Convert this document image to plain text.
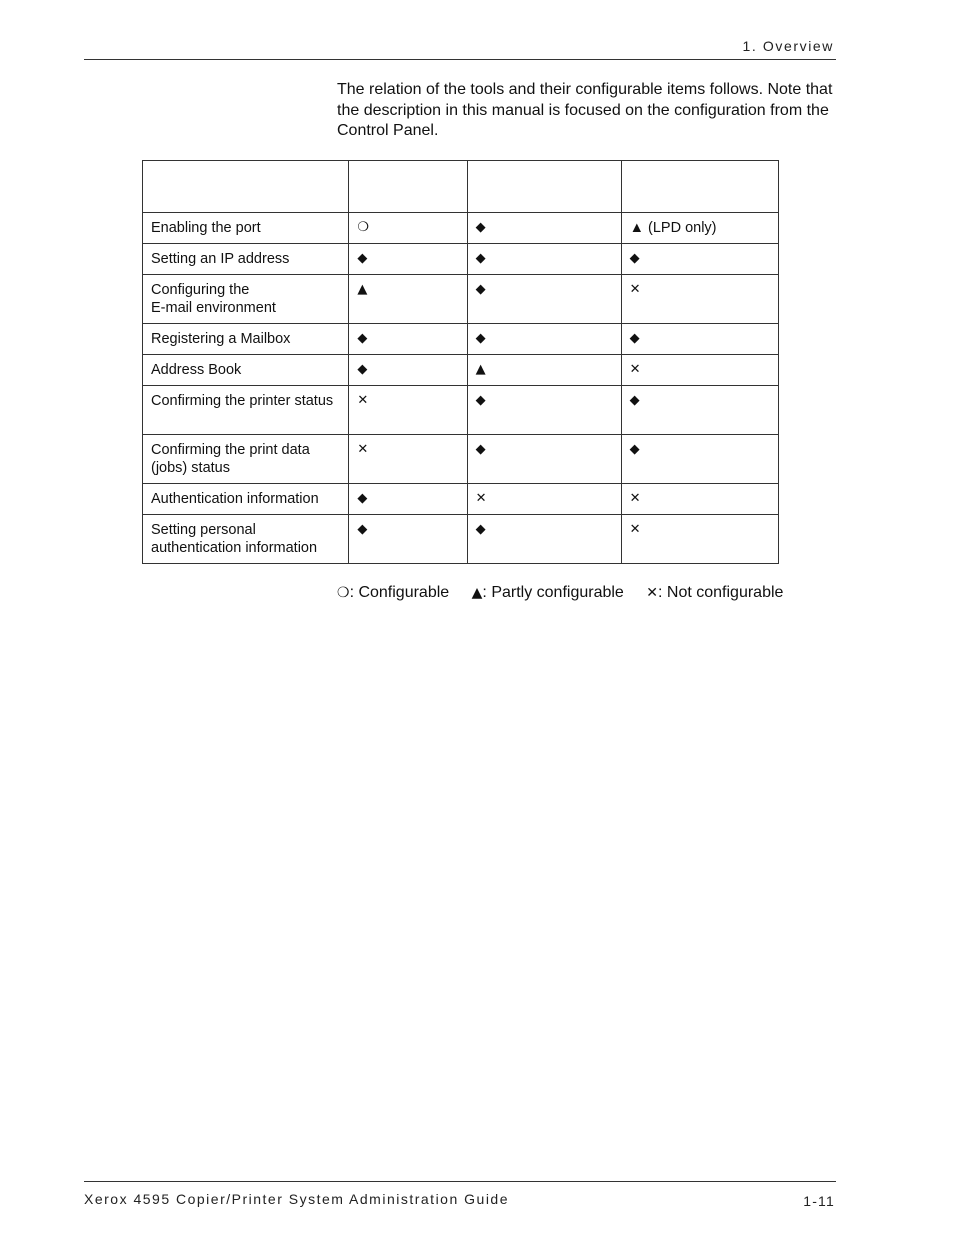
1. Overview

The relation of the tools and their configurable items follows. Note that the description in this manual is focused on the configuration from the Control Panel.

Enabling the port	❍	◆	▲ (LPD only)
Setting an IP address	◆	◆	◆
Configuring the
E-mail environment	▲	◆	✕
Registering a Mailbox	◆	◆	◆
Address Book	◆	▲	✕
Confirming the printer status	✕	◆	◆
Confirming the print data (jobs) status	✕	◆	◆
Authentication information	◆	✕	✕
Setting personal authentication information	◆	◆	✕
❍: Configurable ▲: Partly configurable ✕: Not configurable
Xerox 4595 Copier/Printer System Administration Guide	1-11
